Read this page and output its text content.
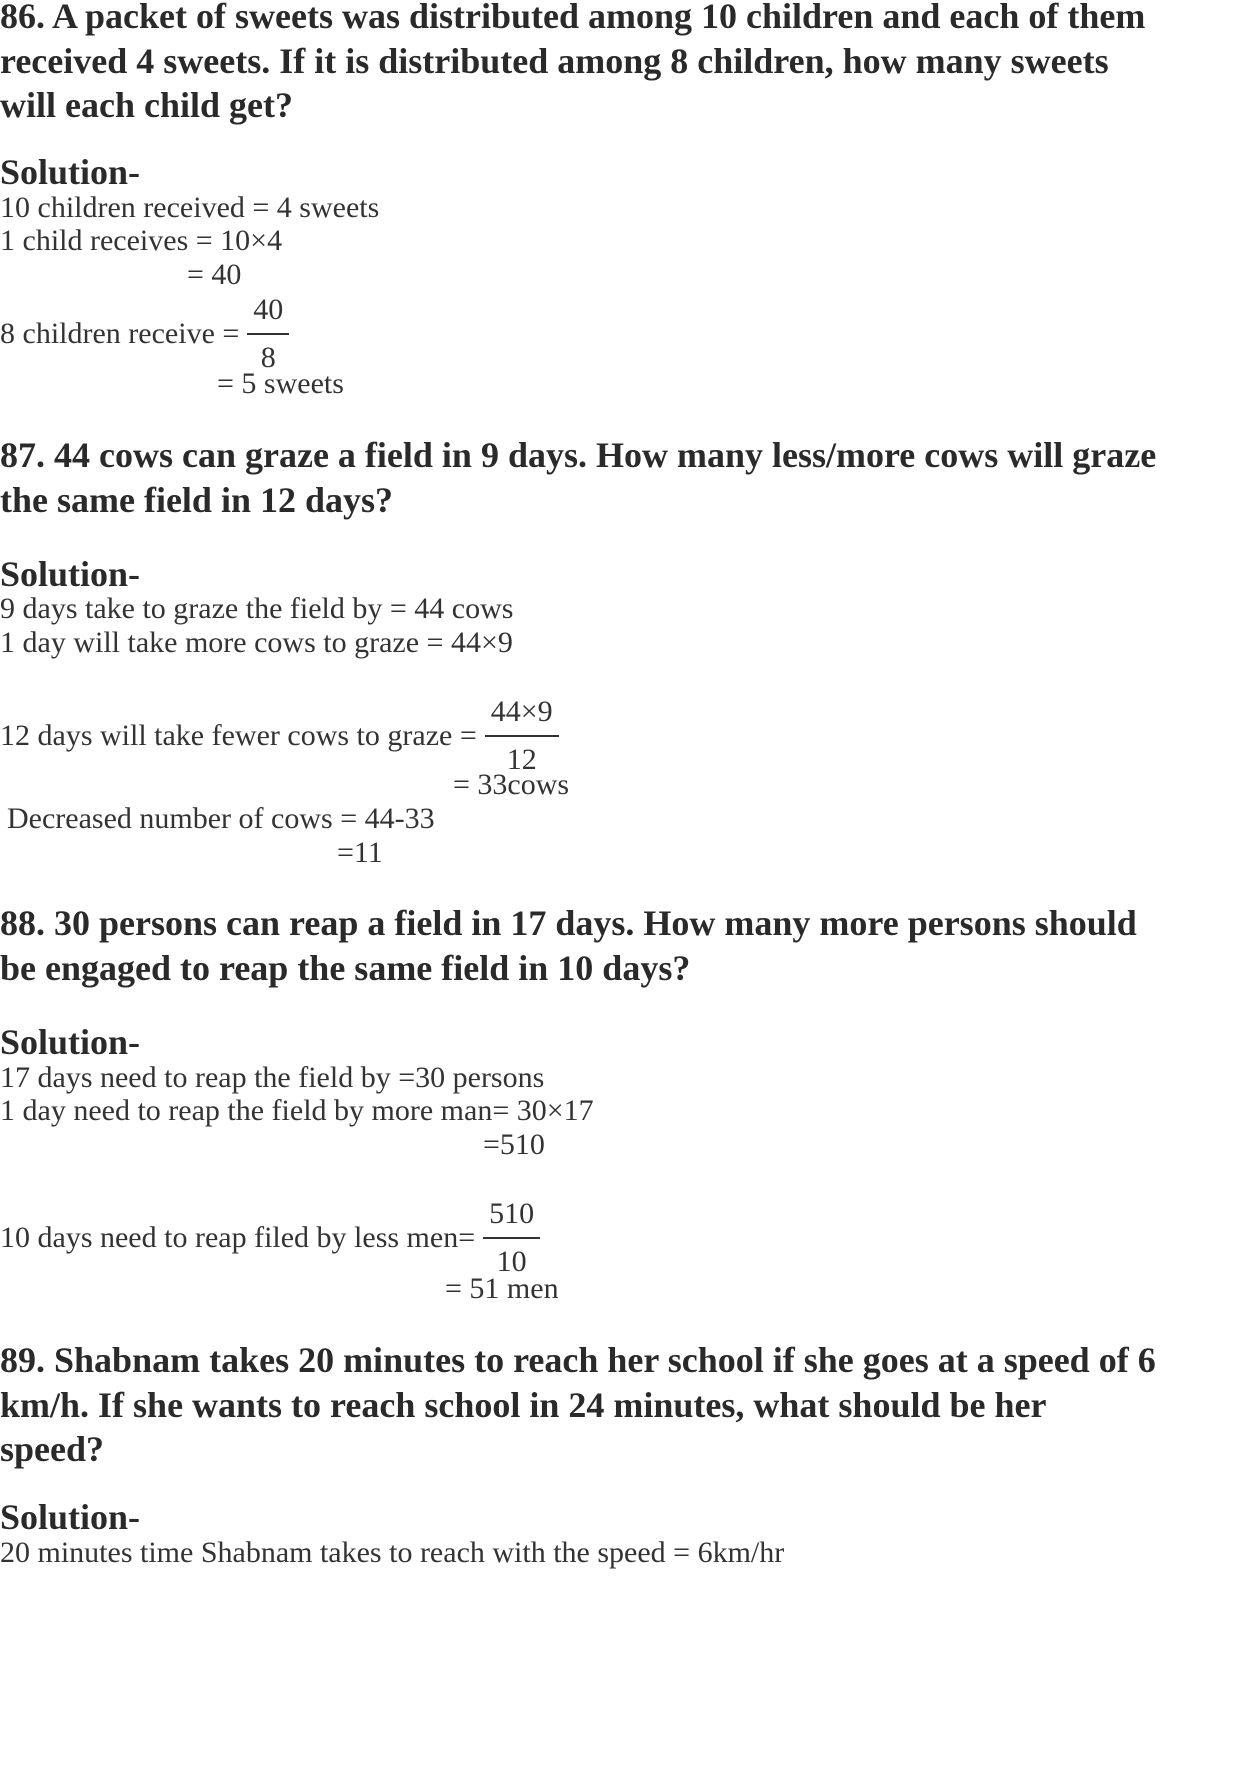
86. A packet of sweets was distributed among 10 children and each of them
received 4 sweets. If it is distributed among 8 children, how many sweets
will each child get?
Solution-
10 children received = 4 sweets
1 child receives = 10×4
= 40
8 children receive = $\frac{40}{8}$
= 5 sweets
87. 44 cows can graze a field in 9 days. How many less/more cows will graze
the same field in 12 days?
Solution-
9 days take to graze the field by = 44 cows
1 day will take more cows to graze = 44×9
12 days will take fewer cows to graze = $\frac{44\times 9}{12}$
= 33cows
Decreased number of cows = 44-33
=11
88. 30 persons can reap a field in 17 days. How many more persons should
be engaged to reap the same field in 10 days?
Solution-
17 days need to reap the field by =30 persons
1 day need to reap the field by more man= 30×17
=510
10 days need to reap filed by less $men= \frac{510}{10}$
= 51 men
89. Shabnam takes 20 minutes to reach her school if she goes at a speed of 6
km/h. If she wants to reach school in 24 minutes, what should be her
speed?
Solution-
20 minutes time Shabnam takes to reach with the speed = 6km/hr
